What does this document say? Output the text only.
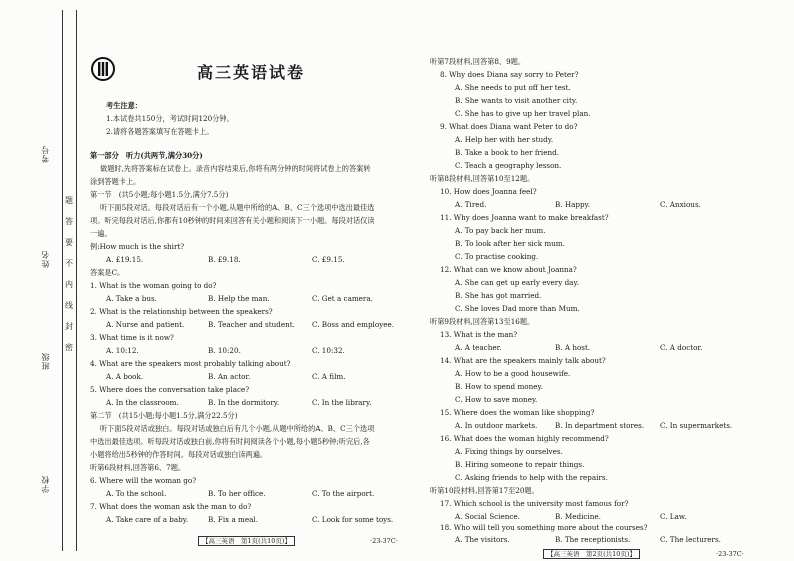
考号
姓名
班级
学校
题
答
要
不
内
线
封
密
高三英语试卷
考生注意：
1.本试卷共150分，考试时间120分钟。
2.请将各题答案填写在答题卡上。
第一部分　听力(共两节,满分30分)
做题时,先将答案标在试卷上。录音内容结束后,你将有两分钟的时间将试卷上的答案转
涂到答题卡上。
第一节　(共5小题;每小题1.5分,满分7.5分)
听下面5段对话。每段对话后有一个小题,从题中所给的A、B、C三个选项中选出最佳选
项。听完每段对话后,你都有10秒钟的时间来回答有关小题和阅读下一小题。每段对话仅读
一遍。
例:How much is the shirt?
A. £19.15.	B. £9.18.	C. £9.15.
答案是C。
1. What is the woman going to do?
A. Take a bus.	B. Help the man.	C. Get a camera.
2. What is the relationship between the speakers?
A. Nurse and patient.	B. Teacher and student. C. Boss and employee.
3. What time is it now?
A. 10:12.	B. 10:20.	C. 10:32.
4. What are the speakers most probably talking about?
A. A book.	B. An actor.	C. A film.
5. Where does the conversation take place?
A. In the classroom.	B. In the dormitory.	C. In the library.
第二节　(共15小题;每小题1.5分,满分22.5分)
听下面5段对话或独白。每段对话或独白后有几个小题,从题中所给的A、B、C三个选项
中选出最佳选项。听每段对话或独白前,你将有时间阅读各个小题,每小题5秒钟;听完后,各
小题将给出5秒钟的作答时间。每段对话或独白读两遍。
听第6段材料,回答第6、7题。
6. Where will the woman go?
A. To the school.	B. To her office.	C. To the airport.
7. What does the woman ask the man to do?
A. Take care of a baby.	B. Fix a meal.	C. Look for some toys.
【高三英语　第1页(共10页)】	·23-37C·
听第7段材料,回答第8、9题。
8. Why does Diana say sorry to Peter?
A. She needs to put off her test.
B. She wants to visit another city.
C. She has to give up her travel plan.
9. What does Diana want Peter to do?
A. Help her with her study.
B. Take a book to her friend.
C. Teach a geography lesson.
听第8段材料,回答第10至12题。
10. How does Joanna feel?
A. Tired.	B. Happy.	C. Anxious.
11. Why does Joanna want to make breakfast?
A. To pay back her mum.
B. To look after her sick mum.
C. To practise cooking.
12. What can we know about Joanna?
A. She can get up early every day.
B. She has got married.
C. She loves Dad more than Mum.
听第9段材料,回答第13至16题。
13. What is the man?
A. A teacher.	B. A host.	C. A doctor.
14. What are the speakers mainly talk about?
A. How to be a good housewife.
B. How to spend money.
C. How to save money.
15. Where does the woman like shopping?
A. In outdoor markets. B. In department stores. C. In supermarkets.
16. What does the woman highly recommend?
A. Fixing things by ourselves.
B. Hiring someone to repair things.
C. Asking friends to help with the repairs.
听第10段材料,回答第17至20题。
17. Which school is the university most famous for?
A. Social Science.	B. Medicine.	C. Law.
18. Who will tell you something more about the courses?
A. The visitors.	B. The receptionists.	C. The lecturers.
【高三英语　第2页(共10页)】	·23-37C·
